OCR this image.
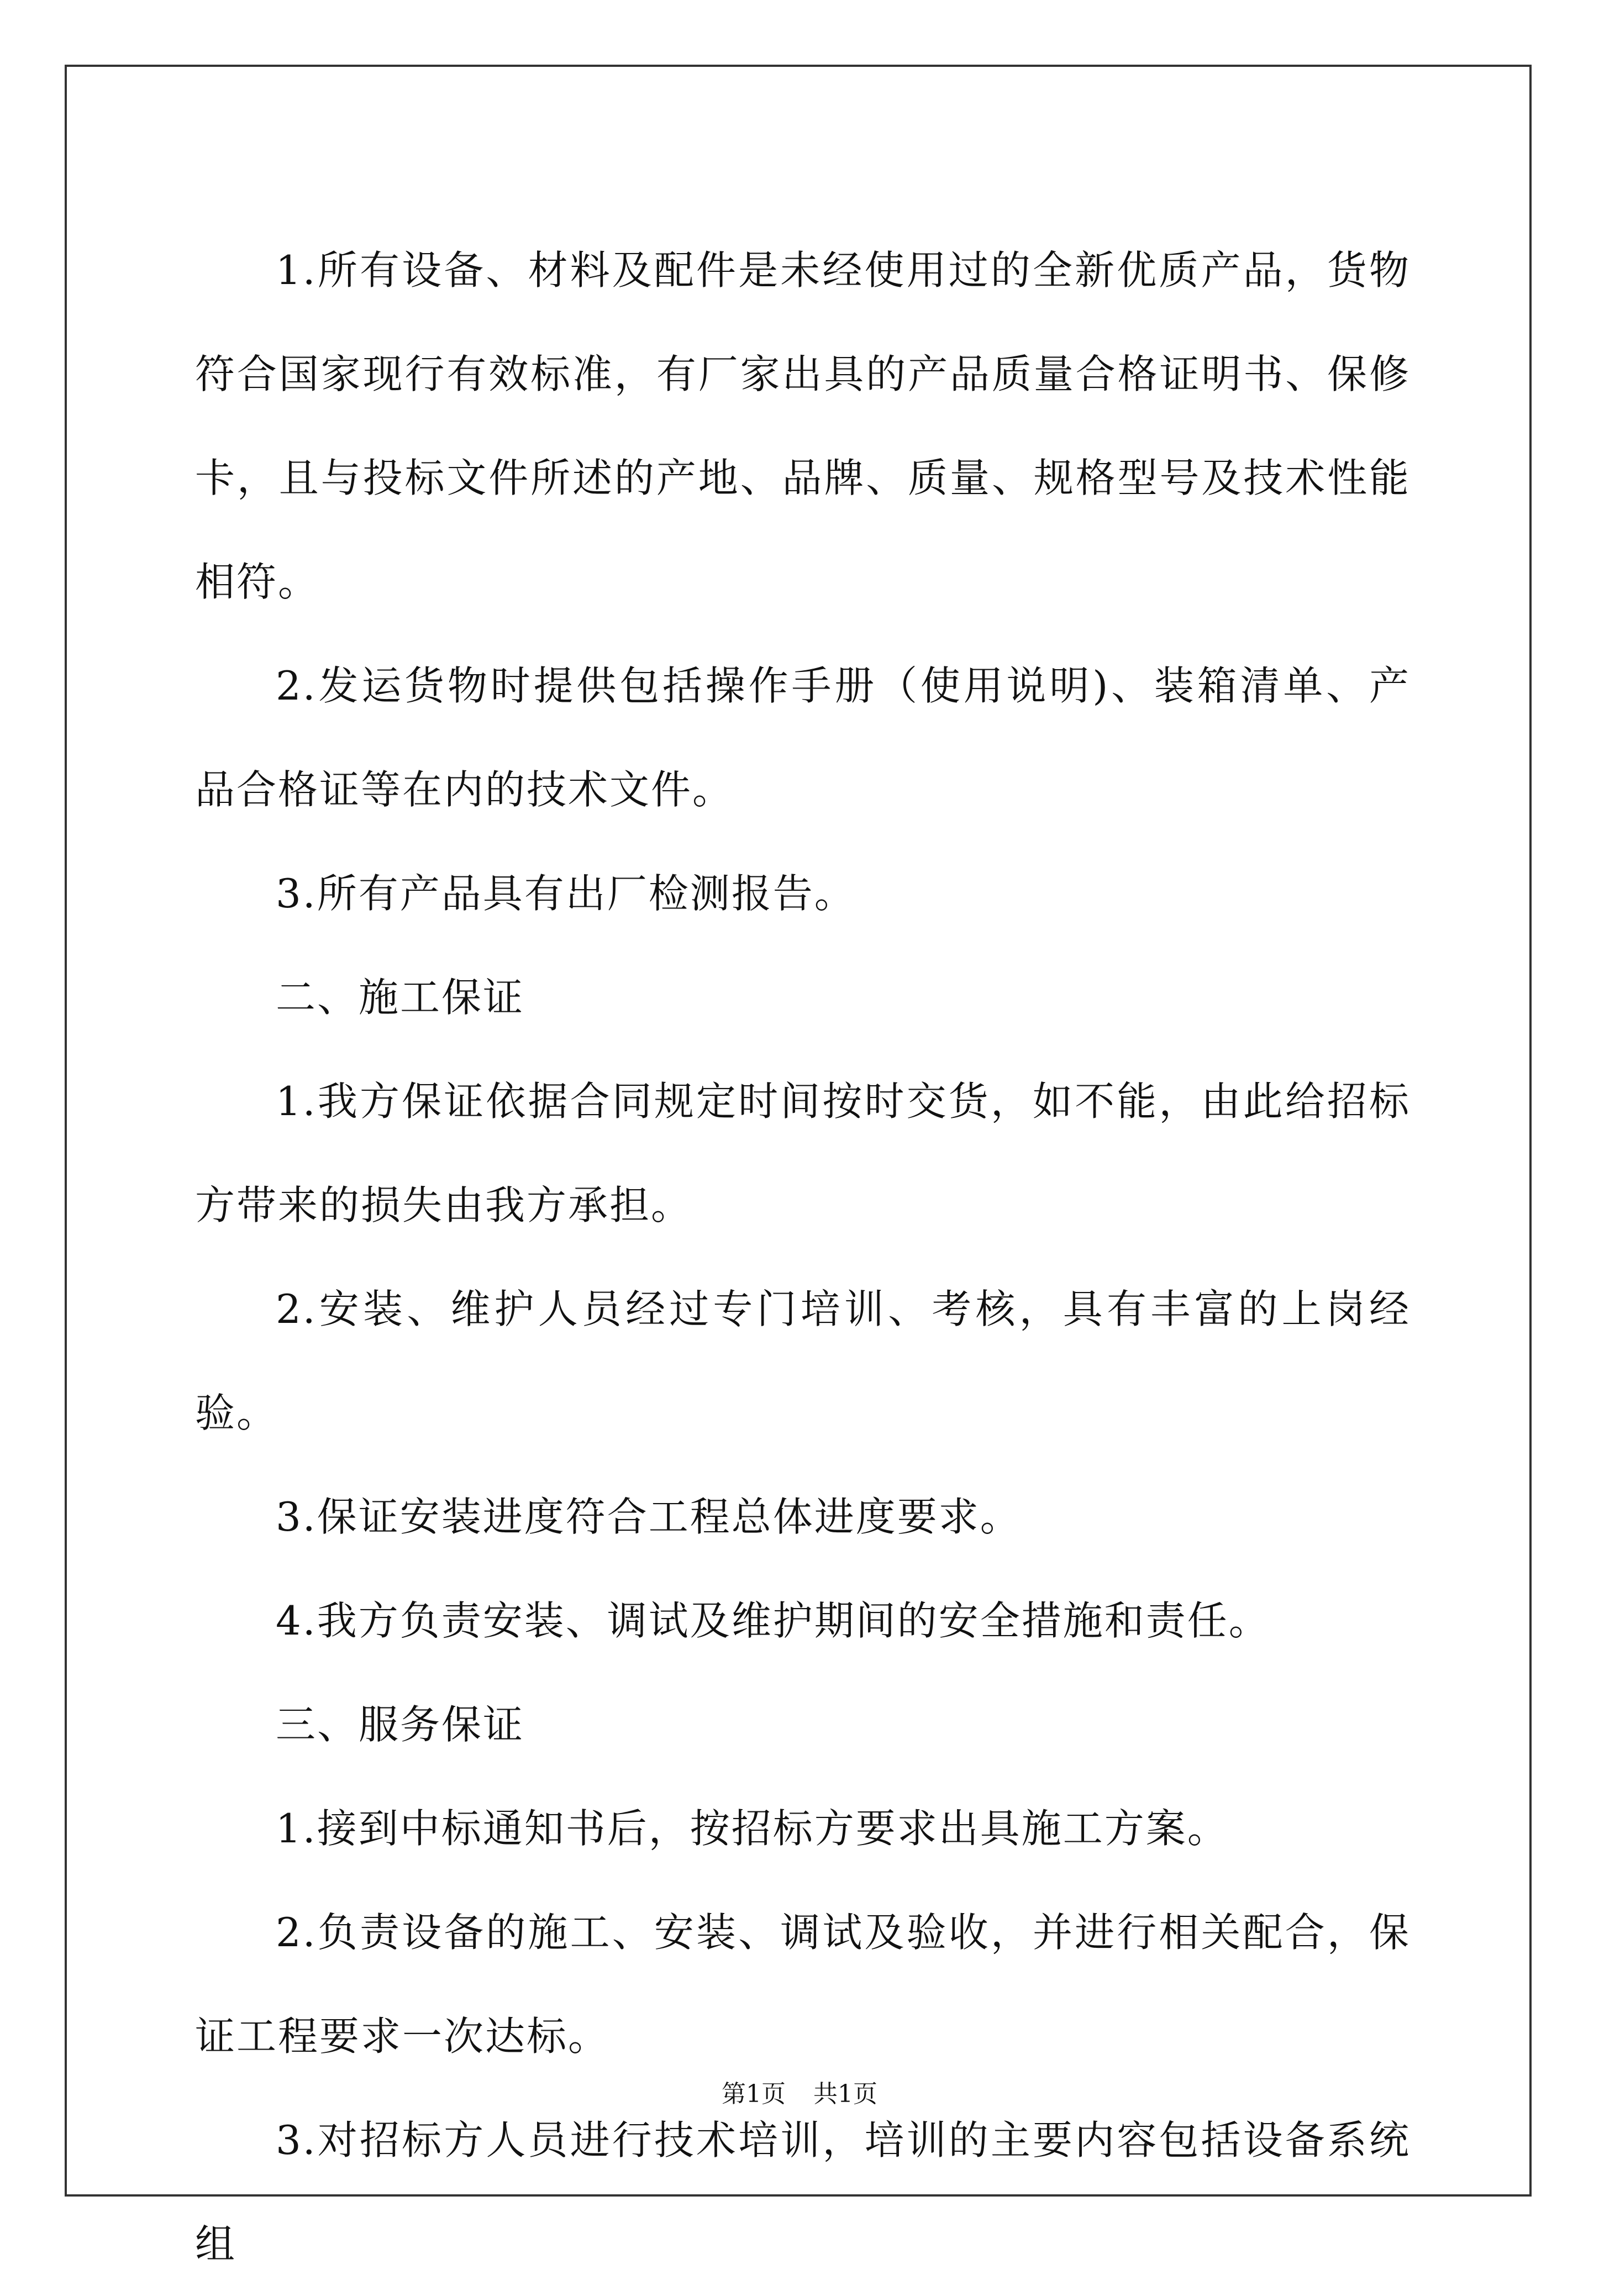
1.所有设备、材料及配件是未经使用过的全新优质产品，货物符合国家现行有效标准，有厂家出具的产品质量合格证明书、保修卡，且与投标文件所述的产地、品牌、质量、规格型号及技术性能相符。

2.发运货物时提供包括操作手册（使用说明)、装箱清单、产品合格证等在内的技术文件。

3.所有产品具有出厂检测报告。

二、施工保证

1.我方保证依据合同规定时间按时交货，如不能，由此给招标方带来的损失由我方承担。

2.安装、维护人员经过专门培训、考核，具有丰富的上岗经验。

3.保证安装进度符合工程总体进度要求。

4.我方负责安装、调试及维护期间的安全措施和责任。

三、服务保证

1.接到中标通知书后，按招标方要求出具施工方案。

2.负责设备的施工、安装、调试及验收，并进行相关配合，保证工程要求一次达标。

3.对招标方人员进行技术培训，培训的主要内容包括设备系统组

第1页 共1页
